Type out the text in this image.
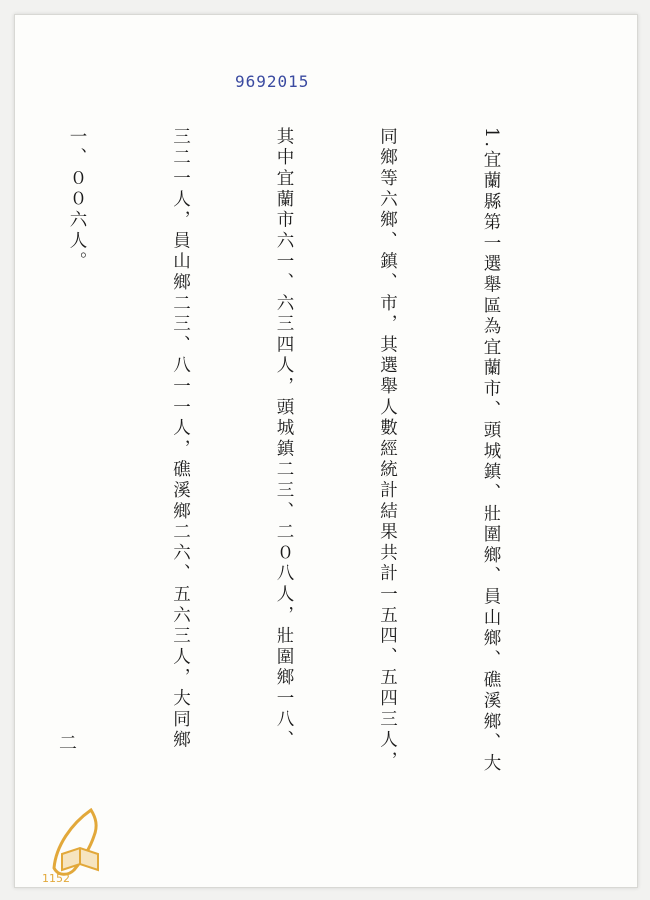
9692015

1.宜蘭縣第一選舉區為宜蘭市、頭城鎮、壯圍鄉、員山鄉、礁溪鄉、大

同鄉等六鄉、鎮、市，其選舉人數經統計結果共計一五四、五四三人，

其中宜蘭市六一、六三四人，頭城鎮二三、二０八人，壯圍鄉一八、

三二一人，員山鄉二三、八一一人，礁溪鄉二六、五六三人，大同鄉

一、００六人。

二
1152
